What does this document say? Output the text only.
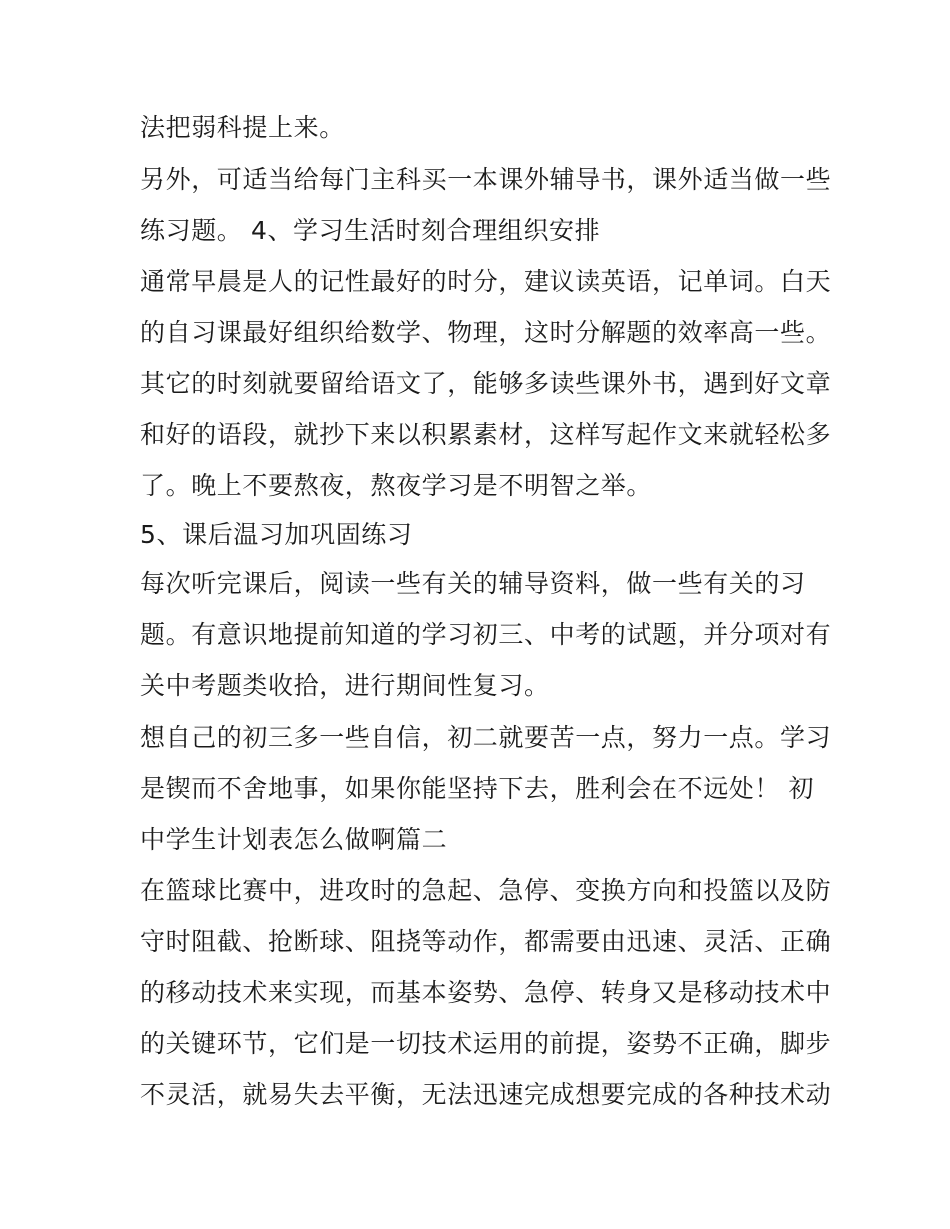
法把弱科提上来。
另外，可适当给每门主科买一本课外辅导书，课外适当做一些
练习题。 4、学习生活时刻合理组织安排
通常早晨是人的记性最好的时分，建议读英语，记单词。白天
的自习课最好组织给数学、物理，这时分解题的效率高一些。
其它的时刻就要留给语文了，能够多读些课外书，遇到好文章
和好的语段，就抄下来以积累素材，这样写起作文来就轻松多
了。晚上不要熬夜，熬夜学习是不明智之举。
5、课后温习加巩固练习
每次听完课后，阅读一些有关的辅导资料，做一些有关的习
题。有意识地提前知道的学习初三、中考的试题，并分项对有
关中考题类收拾，进行期间性复习。
想自己的初三多一些自信，初二就要苦一点，努力一点。学习
是锲而不舍地事，如果你能坚持下去，胜利会在不远处！ 初
中学生计划表怎么做啊篇二
在篮球比赛中，进攻时的急起、急停、变换方向和投篮以及防
守时阻截、抢断球、阻挠等动作，都需要由迅速、灵活、正确
的移动技术来实现，而基本姿势、急停、转身又是移动技术中
的关键环节，它们是一切技术运用的前提，姿势不正确，脚步
不灵活，就易失去平衡，无法迅速完成想要完成的各种技术动
